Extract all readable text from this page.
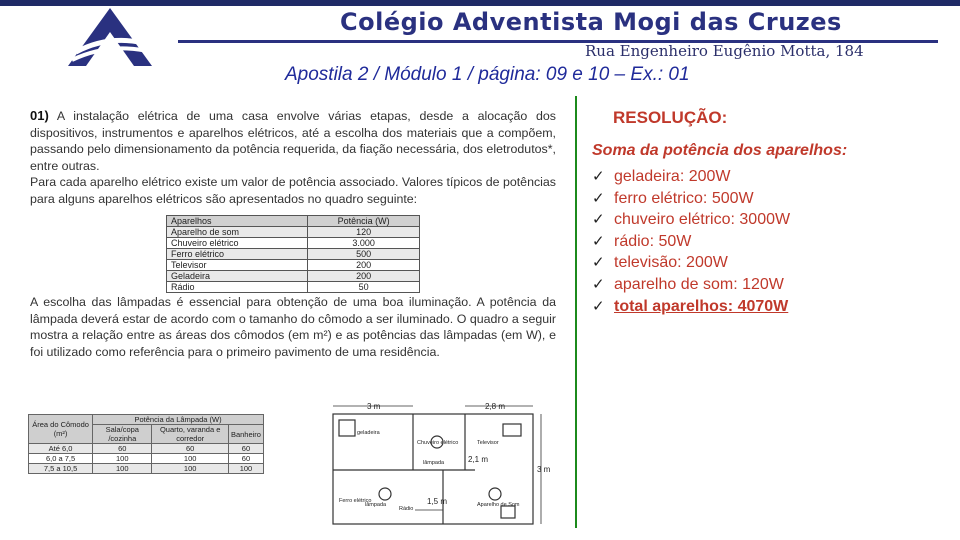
Colégio Adventista Mogi das Cruzes
Rua Engenheiro Eugênio Motta, 184
Apostila 2 / Módulo 1 / página: 09 e 10 – Ex.: 01
01) A instalação elétrica de uma casa envolve várias etapas, desde a alocação dos dispositivos, instrumentos e aparelhos elétricos, até a escolha dos materiais que a compõem, passando pelo dimensionamento da potência requerida, da fiação necessária, dos eletrodutos*, entre outras.
Para cada aparelho elétrico existe um valor de potência associado. Valores típicos de potências para alguns aparelhos elétricos são apresentados no quadro seguinte:
Aparelhos	Potência (W)
Aparelho de som	120
Chuveiro elétrico	3.000
Ferro elétrico	500
Televisor	200
Geladeira	200
Rádio	50
A escolha das lâmpadas é essencial para obtenção de uma boa iluminação. A potência da lâmpada deverá estar de acordo com o tamanho do cômodo a ser iluminado. O quadro a seguir mostra a relação entre as áreas dos cômodos (em m²) e as potências das lâmpadas (em W), e foi utilizado como referência para o primeiro pavimento de uma residência.
Área do Cômodo (m²)	Potência da Lâmpada (W)		
	Sala/copa /cozinha	Quarto, varanda e corredor	Banheiro
Até 6,0	60	60	60
6,0 a 7,5	100	100	60
7,5 a 10,5	100	100	100
3 m	2,8 m
2,1 m
3 m
1,5 m
geladeira
Chuveiro elétrico	Televisor
lâmpada
lâmpada
Ferro elétrico
Rádio
Aparelho de Som
RESOLUÇÃO:
Soma da potência dos aparelhos:
✓ geladeira: 200W
✓ ferro elétrico: 500W
✓ chuveiro elétrico: 3000W
✓ rádio: 50W
✓ televisão: 200W
✓ aparelho de som: 120W
✓ total aparelhos: 4070W
